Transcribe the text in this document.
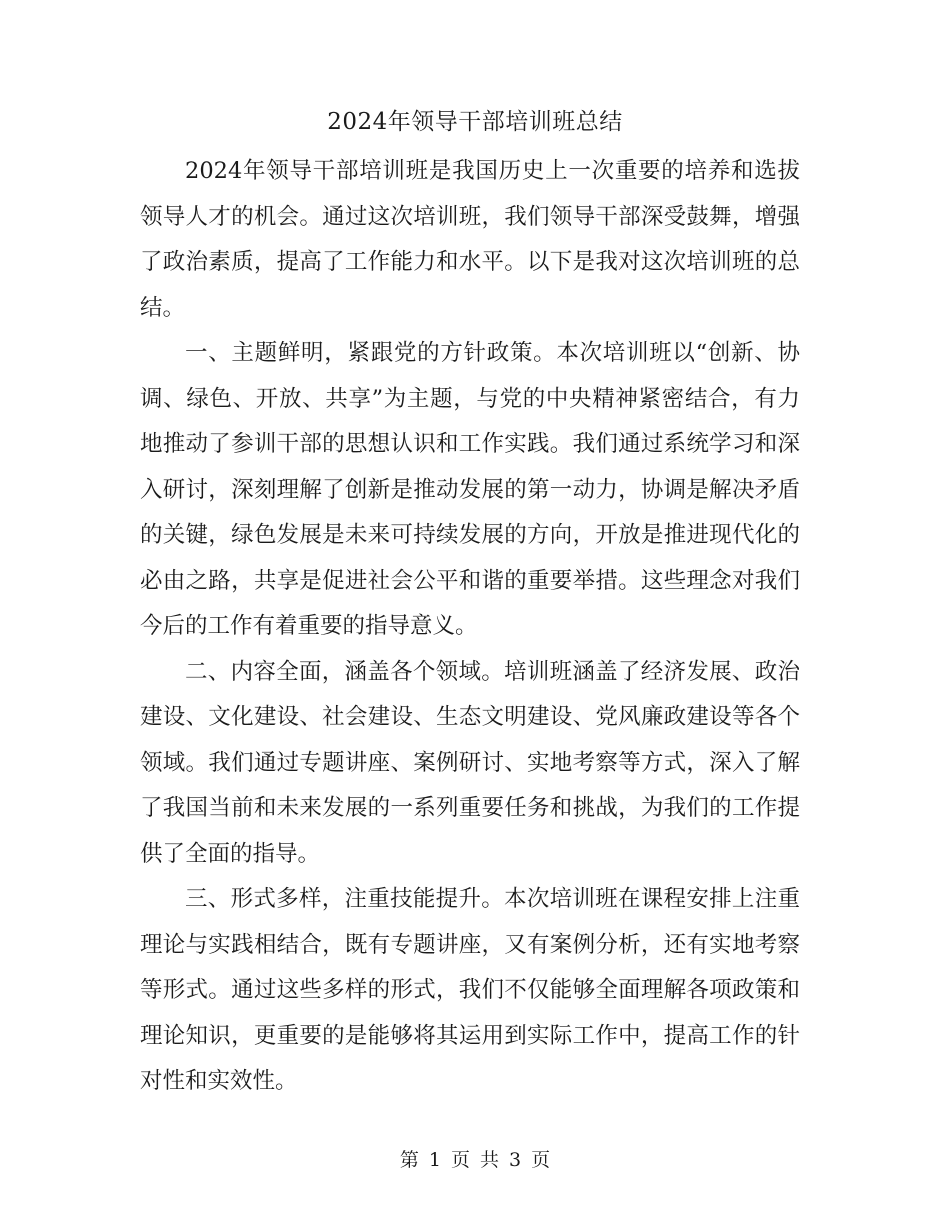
2024年领导干部培训班总结

2024年领导干部培训班是我国历史上一次重要的培养和选拔领导人才的机会。通过这次培训班，我们领导干部深受鼓舞，增强了政治素质，提高了工作能力和水平。以下是我对这次培训班的总结。

一、主题鲜明，紧跟党的方针政策。本次培训班以“创新、协调、绿色、开放、共享”为主题，与党的中央精神紧密结合，有力地推动了参训干部的思想认识和工作实践。我们通过系统学习和深入研讨，深刻理解了创新是推动发展的第一动力，协调是解决矛盾的关键，绿色发展是未来可持续发展的方向，开放是推进现代化的必由之路，共享是促进社会公平和谐的重要举措。这些理念对我们今后的工作有着重要的指导意义。

二、内容全面，涵盖各个领域。培训班涵盖了经济发展、政治建设、文化建设、社会建设、生态文明建设、党风廉政建设等各个领域。我们通过专题讲座、案例研讨、实地考察等方式，深入了解了我国当前和未来发展的一系列重要任务和挑战，为我们的工作提供了全面的指导。

三、形式多样，注重技能提升。本次培训班在课程安排上注重理论与实践相结合，既有专题讲座，又有案例分析，还有实地考察等形式。通过这些多样的形式，我们不仅能够全面理解各项政策和理论知识，更重要的是能够将其运用到实际工作中，提高工作的针对性和实效性。

第 1 页 共 3 页
